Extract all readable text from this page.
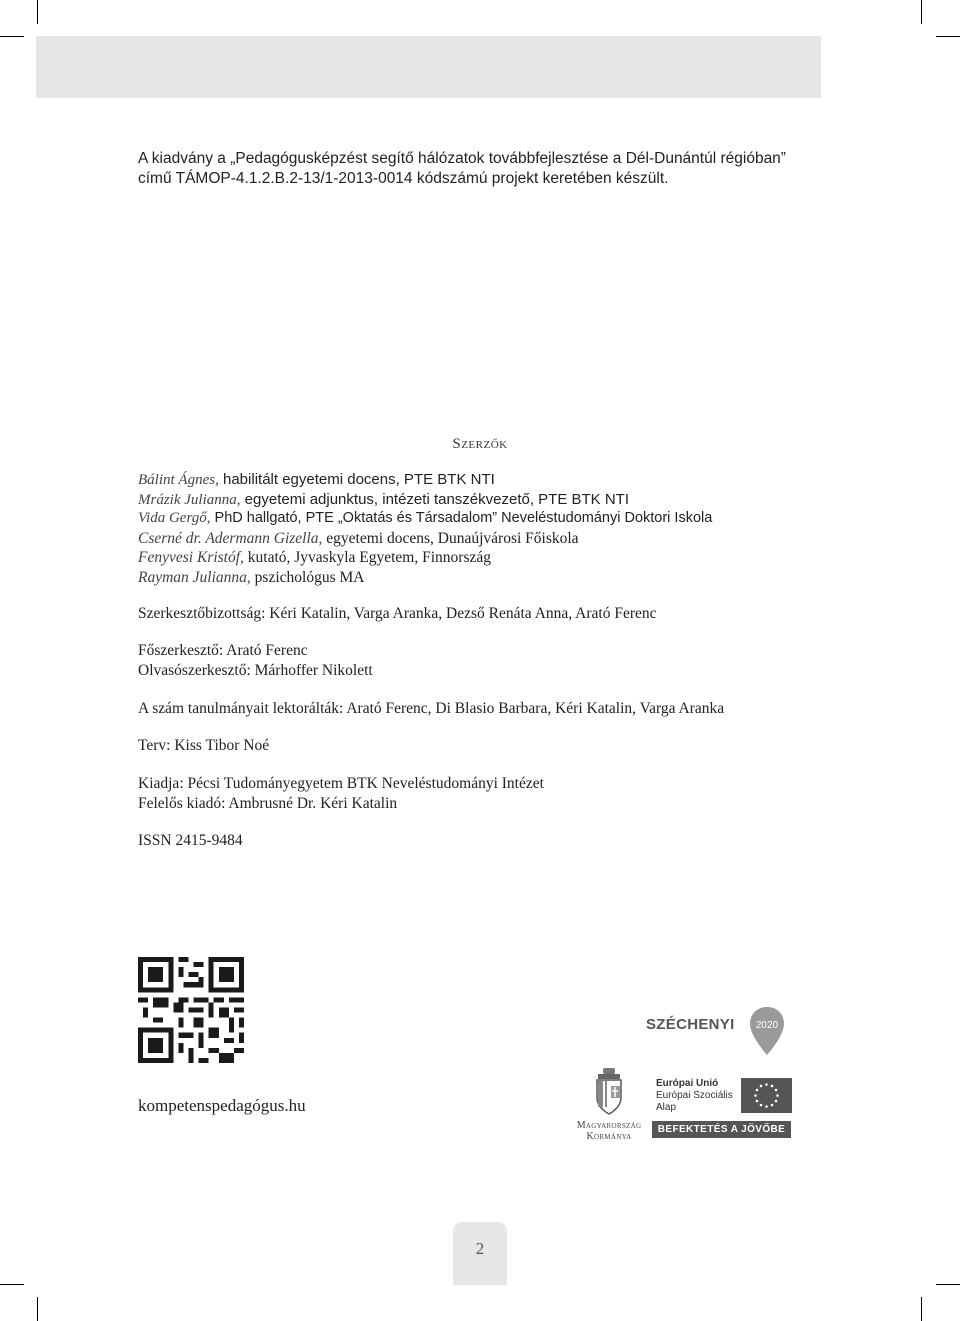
A kiadvány a „Pedagógusképzést segítő hálózatok továbbfejlesztése a Dél-Dunántúl régióban”
című TÁMOP-4.1.2.B.2-13/1-2013-0014 kódszámú projekt keretében készült.
Szerzők
Bálint Ágnes, habilitált egyetemi docens, PTE BTK NTI
Mrázik Julianna, egyetemi adjunktus, intézeti tanszékvezető, PTE BTK NTI
Vida Gergő, PhD hallgató, PTE „Oktatás és Társadalom” Neveléstudományi Doktori Iskola
Cserné dr. Adermann Gizella, egyetemi docens, Dunaújvárosi Főiskola
Fenyvesi Kristóf, kutató, Jyvaskyla Egyetem, Finnország
Rayman Julianna, pszichológus MA
Szerkesztőbizottság: Kéri Katalin, Varga Aranka, Dezső Renáta Anna, Arató Ferenc
Főszerkesztő: Arató Ferenc
Olvasószerkesztő: Márhoffer Nikolett
A szám tanulmányait lektorálták: Arató Ferenc, Di Blasio Barbara, Kéri Katalin, Varga Aranka
Terv: Kiss Tibor Noé
Kiadja: Pécsi Tudományegyetem BTK Neveléstudományi Intézet
Felelős kiadó: Ambrusné Dr. Kéri Katalin
ISSN 2415-9484
kompetenspedagógus.hu
SZÉCHENYI 2020
Magyarország
Kormánya
Európai Unió
Európai Szociális
Alap
BEFEKTETÉS A JÖVŐBE
2
